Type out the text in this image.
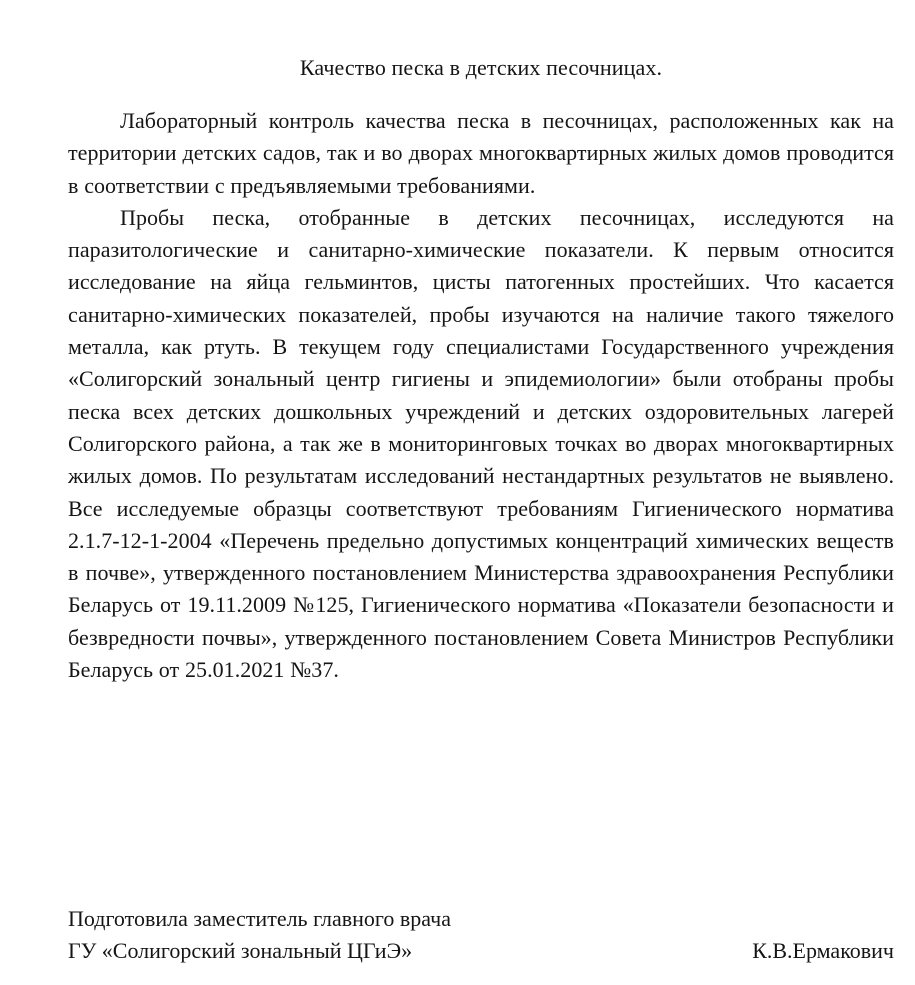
Качество песка в детских песочницах.

Лабораторный контроль качества песка в песочницах, расположенных как на территории детских садов, так и во дворах многоквартирных жилых домов проводится в соответствии с предъявляемыми требованиями.

Пробы песка, отобранные в детских песочницах, исследуются на паразитологические и санитарно-химические показатели. К первым относится исследование на яйца гельминтов, цисты патогенных простейших. Что касается санитарно-химических показателей, пробы изучаются на наличие такого тяжелого металла, как ртуть. В текущем году специалистами Государственного учреждения «Солигорский зональный центр гигиены и эпидемиологии» были отобраны пробы песка всех детских дошкольных учреждений и детских оздоровительных лагерей Солигорского района, а так же в мониторинговых точках во дворах многоквартирных жилых домов. По результатам исследований нестандартных результатов не выявлено. Все исследуемые образцы соответствуют требованиям Гигиенического норматива 2.1.7-12-1-2004 «Перечень предельно допустимых концентраций химических веществ в почве», утвержденного постановлением Министерства здравоохранения Республики Беларусь от 19.11.2009 №125, Гигиенического норматива «Показатели безопасности и безвредности почвы», утвержденного постановлением Совета Министров Республики Беларусь от 25.01.2021 №37.

Подготовила заместитель главного врача
ГУ «Солигорский зональный ЦГиЭ»	К.В.Ермакович
